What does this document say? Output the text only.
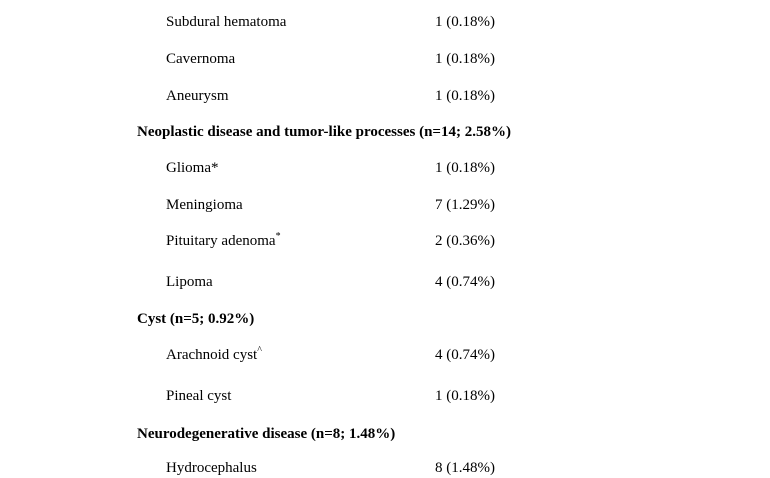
Subdural hematoma	1 (0.18%)
Cavernoma	1 (0.18%)
Aneurysm	1 (0.18%)
Neoplastic disease and tumor-like processes (n=14; 2.58%)
Glioma*	1 (0.18%)
Meningioma	7 (1.29%)
Pituitary adenoma*	2 (0.36%)
Lipoma	4 (0.74%)
Cyst (n=5; 0.92%)
Arachnoid cyst^	4 (0.74%)
Pineal cyst	1 (0.18%)
Neurodegenerative disease (n=8; 1.48%)
Hydrocephalus	8 (1.48%)
